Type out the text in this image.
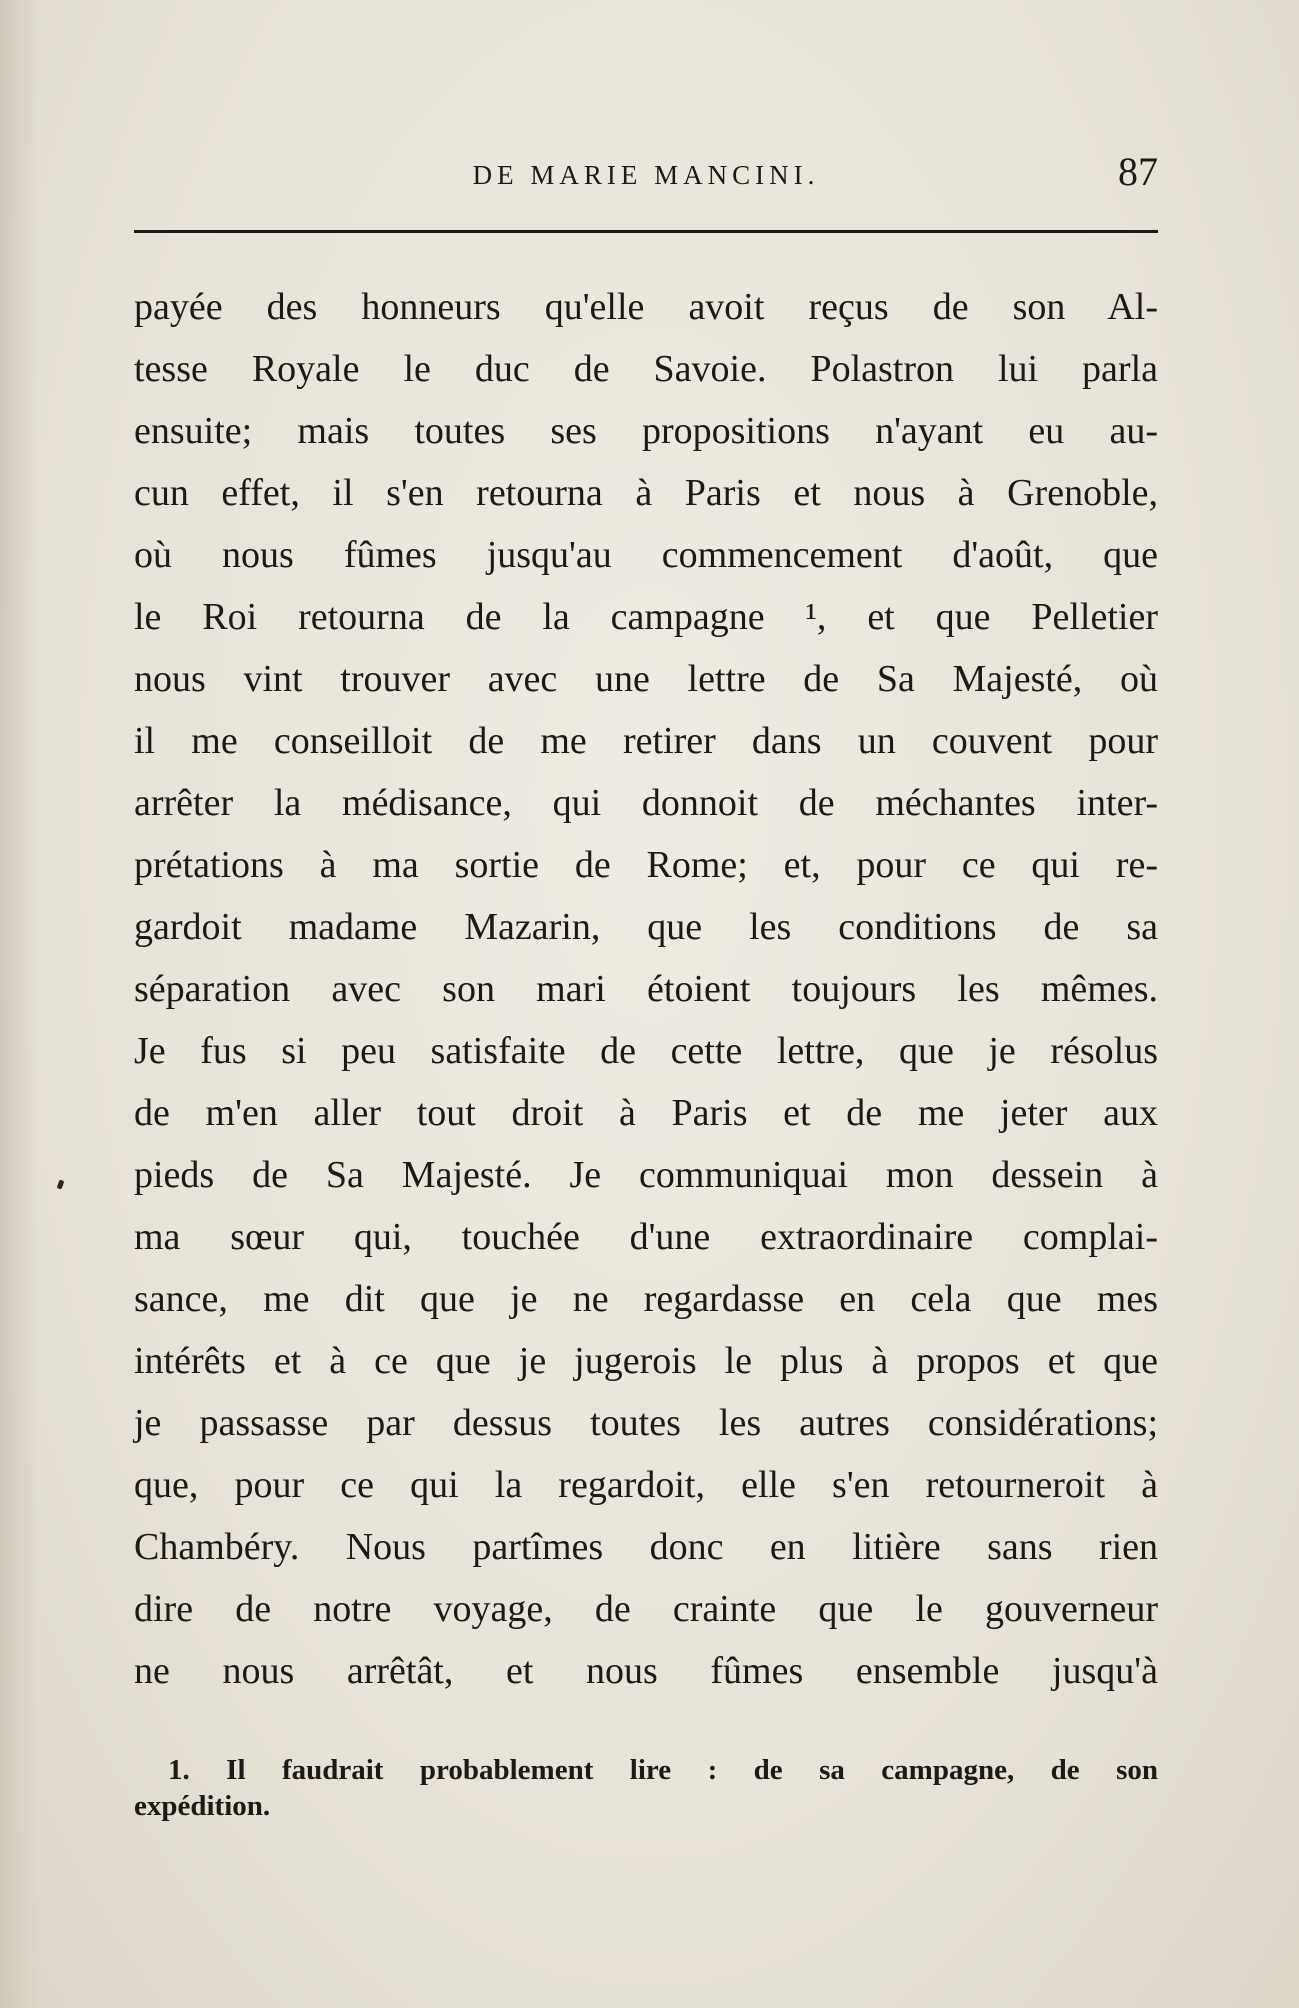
DE MARIE MANCINI.	87
payée des honneurs qu'elle avoit reçus de son Al-
tesse Royale le duc de Savoie. Polastron lui parla
ensuite; mais toutes ses propositions n'ayant eu au-
cun effet, il s'en retourna à Paris et nous à Grenoble,
où nous fûmes jusqu'au commencement d'août, que
le Roi retourna de la campagne ¹, et que Pelletier
nous vint trouver avec une lettre de Sa Majesté, où
il me conseilloit de me retirer dans un couvent pour
arrêter la médisance, qui donnoit de méchantes inter-
prétations à ma sortie de Rome; et, pour ce qui re-
gardoit madame Mazarin, que les conditions de sa
séparation avec son mari étoient toujours les mêmes.
Je fus si peu satisfaite de cette lettre, que je résolus
de m'en aller tout droit à Paris et de me jeter aux
pieds de Sa Majesté. Je communiquai mon dessein à
ma sœur qui, touchée d'une extraordinaire complai-
sance, me dit que je ne regardasse en cela que mes
intérêts et à ce que je jugerois le plus à propos et que
je passasse par dessus toutes les autres considérations;
que, pour ce qui la regardoit, elle s'en retourneroit à
Chambéry. Nous partîmes donc en litière sans rien
dire de notre voyage, de crainte que le gouverneur
ne nous arrêtât, et nous fûmes ensemble jusqu'à
1. Il faudrait probablement lire : de sa campagne, de son
expédition.
